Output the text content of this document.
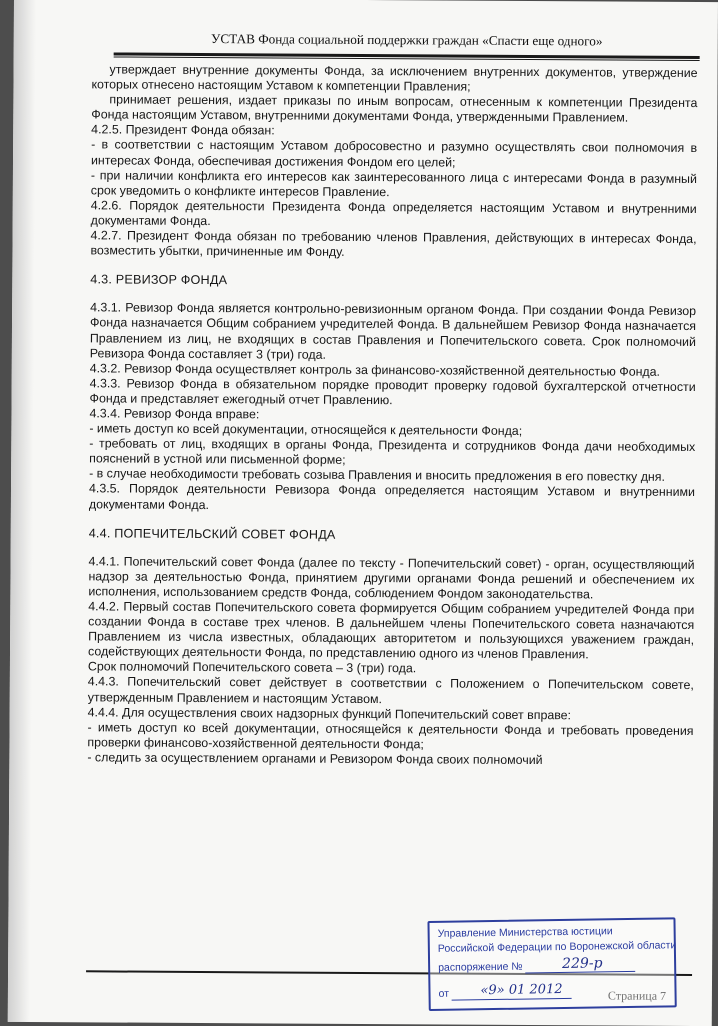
УСТАВ Фонда социальной поддержки граждан «Спасти еще одного»

утверждает внутренние документы Фонда, за исключением внутренних документов, утверждение которых отнесено настоящим Уставом к компетенции Правления;

принимает решения, издает приказы по иным вопросам, отнесенным к компетенции Президента Фонда настоящим Уставом, внутренними документами Фонда, утвержденными Правлением.

4.2.5. Президент Фонда обязан:

- в соответствии с настоящим Уставом добросовестно и разумно осуществлять свои полномочия в интересах Фонда, обеспечивая достижения Фондом его целей;

- при наличии конфликта его интересов как заинтересованного лица с интересами Фонда в разумный срок уведомить о конфликте интересов Правление.

4.2.6. Порядок деятельности Президента Фонда определяется настоящим Уставом и внутренними документами Фонда.

4.2.7. Президент Фонда обязан по требованию членов Правления, действующих в интересах Фонда, возместить убытки, причиненные им Фонду.

4.3. РЕВИЗОР ФОНДА

4.3.1. Ревизор Фонда является контрольно-ревизионным органом Фонда. При создании Фонда Ревизор Фонда назначается Общим собранием учредителей Фонда. В дальнейшем Ревизор Фонда назначается Правлением из лиц, не входящих в состав Правления и Попечительского совета. Срок полномочий Ревизора Фонда составляет 3 (три) года.

4.3.2. Ревизор Фонда осуществляет контроль за финансово-хозяйственной деятельностью Фонда.

4.3.3. Ревизор Фонда в обязательном порядке проводит проверку годовой бухгалтерской отчетности Фонда и представляет ежегодный отчет Правлению.

4.3.4. Ревизор Фонда вправе:

- иметь доступ ко всей документации, относящейся к деятельности Фонда;

- требовать от лиц, входящих в органы Фонда, Президента и сотрудников Фонда дачи необходимых пояснений в устной или письменной форме;

- в случае необходимости требовать созыва Правления и вносить предложения в его повестку дня.

4.3.5. Порядок деятельности Ревизора Фонда определяется настоящим Уставом и внутренними документами Фонда.

4.4. ПОПЕЧИТЕЛЬСКИЙ СОВЕТ ФОНДА

4.4.1. Попечительский совет Фонда (далее по тексту - Попечительский совет) - орган, осуществляющий надзор за деятельностью Фонда, принятием другими органами Фонда решений и обеспечением их исполнения, использованием средств Фонда, соблюдением Фондом законодательства.

4.4.2. Первый состав Попечительского совета формируется Общим собранием учредителей Фонда при создании Фонда в составе трех членов. В дальнейшем члены Попечительского совета назначаются Правлением из числа известных, обладающих авторитетом и пользующихся уважением граждан, содействующих деятельности Фонда, по представлению одного из членов Правления.

Срок полномочий Попечительского совета – 3 (три) года.

4.4.3. Попечительский совет действует в соответствии с Положением о Попечительском совете, утвержденным Правлением и настоящим Уставом.

4.4.4. Для осуществления своих надзорных функций Попечительский совет вправе:

- иметь доступ ко всей документации, относящейся к деятельности Фонда и требовать проведения проверки финансово-хозяйственной деятельности Фонда;

- следить за осуществлением органами и Ревизором Фонда своих полномочий

Страница 7
Управление Министерства юстиции
Российской Федерации по Воронежской области
распоряжение №	229-р
от	«9» 01 2012
